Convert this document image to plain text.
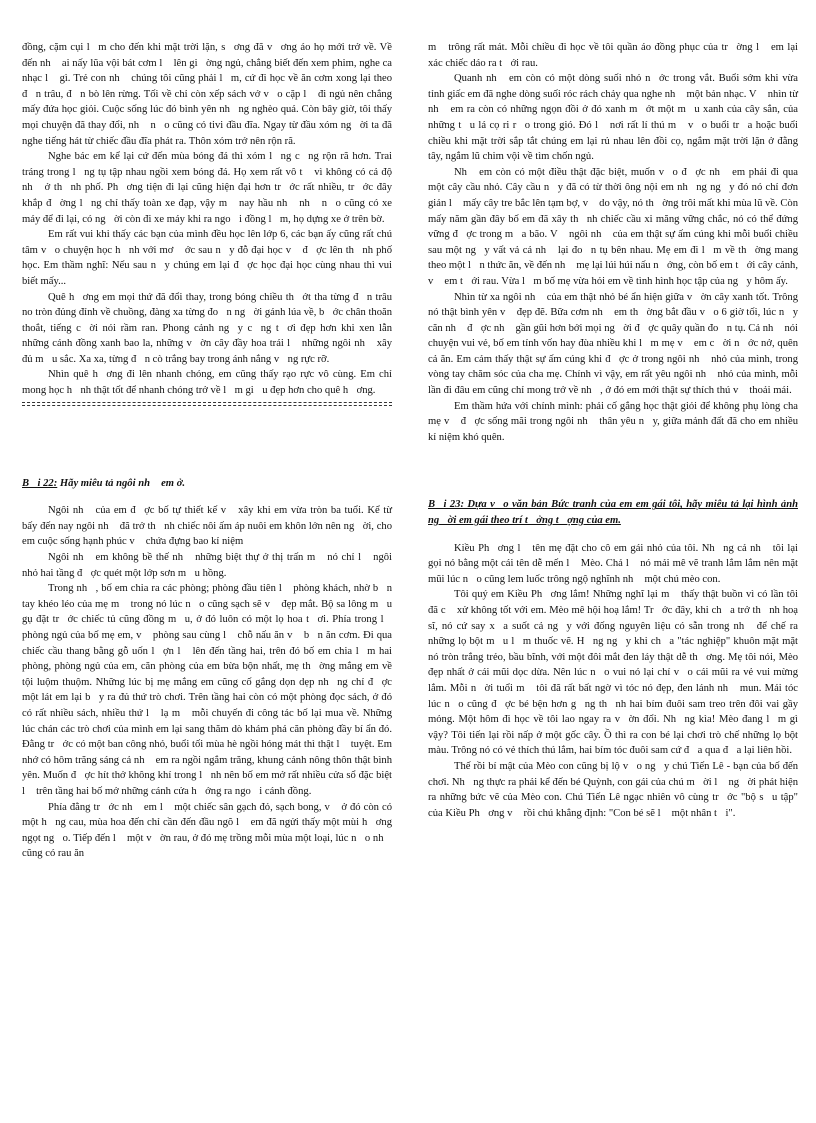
đồng, cặm cụi lm cho đến khi mặt trời lặn, sơng đã vơng áo họ mới trở về. Về đến nh ai nấy lũa vội bát cơm l lên giờng ngủ, chẳng biết đến xem phim, nghe ca nhạc l gì. Trẻ con nh chúng tôi cũng phải lm, cứ đi học về ăn cơm xong lại theo đn trâu, đn bò lên rừng. Tối về chỉ còn xếp sách vở vo cặp l đi ngủ nên chẳng mấy đứa học giỏi. Cuộc sống lúc đó bình yên nhng nghèo quá. Còn bây giờ, tôi thấy mọi chuyện đã thay đổi, nh no cũng có tivi đầu đĩa. Ngay từ đầu xóm ngời ta đã nghe tiếng hát từ chiếc đầu đĩa phát ra. Thôn xóm trở nên rộn rã.

Nghe bác em kể lại cứ đến mùa bóng đá thì xóm lng cng rộn rã hơn. Trai tráng trong lng tụ tập nhau ngồi xem bóng đá. Họ xem rất vô t vì không có cả độ nh ở thnh phố. Phơng tiện đi lại cũng hiện đại hơn trớc rất nhiều, trớc đây khắp đờng lng chỉ thấy toàn xe đạp, vậy m nay hầu nh nh no cũng có xe máy để đi lại, có ngời còn đi xe máy khi ra ngoi đồng lm, họ dựng xe ở trên bờ.

Em rất vui khi thấy các bạn của mình đều học lên lớp 6, các bạn ấy cũng rất chú tâm vo chuyện học hnh với mơ ớc sau ny đỗ đại học v đợc lên thnh phố học. Em thầm nghĩ: Nếu sau ny chúng em lại đợc học đại học cùng nhau thì vui biết mấy...

Quê hơng em mọi thứ đã đổi thay, trong bóng chiều thớt tha từng đn trâu no tròn đủng đỉnh về chuồng, đàng xa từng đon ngời gánh lúa về, bớc chân thoăn thoắt, tiếng cời nói rầm ran. Phong cảnh ngy cng tơi đẹp hơn khi xen lẫn những cánh đồng xanh bao la, những vờn cây đầy hoa trái l những ngôi nh xây đủ mu sắc. Xa xa, từng đn cò trắng bay trong ánh nắng vng rực rỡ.

Nhìn quê hơng đi lên nhanh chóng, em cũng thấy rạo rực vô cùng. Em chỉ mong học hnh thật tốt để nhanh chóng trở về lm giu đẹp hơn cho quê hơng.

Bi 22: Hãy miêu tả ngôi nh em ở.

Ngôi nh của em đợc bố tự thiết kế v xây khi em vừa tròn ba tuổi. Kể từ bấy đến nay ngôi nh đã trở thnh chiếc nôi ấm áp nuôi em khôn lớn nên ngời, cho em cuộc sống hạnh phúc v chứa đựng bao kỉ niệm

Ngôi nh em không bề thế nh những biệt thự ở thị trấn m nó chỉ l ngôi nhỏ hai tầng đợc quét một lớp sơn mu hồng.

Trong nh, bố em chia ra các phòng; phòng đầu tiên l phòng khách, nhờ bn tay khéo léo của mẹ m trong nó lúc no cũng sạch sẽ v đẹp mắt. Bộ sa lông mu gụ đặt trớc chiếc tủ cũng đồng mu, ở đó luôn có một lọ hoa tơi. Phía trong l phòng ngủ của bố mẹ em, v phòng sau cùng l chỗ nấu ăn v bn ăn cơm. Đi qua chiếc cầu thang bằng gỗ uốn lợn l lên đến tầng hai, trên đó bố em chia lm hai phòng, phòng ngủ của em, căn phòng của em bừa bộn nhất, mẹ thờng mắng em về tội luộm thuộm. Những lúc bị mẹ mắng em cũng cố gắng dọn dẹp nhng chỉ đợc một lát em lại by ra đủ thứ trò chơi. Trên tầng hai còn có một phòng đọc sách, ở đó có rất nhiều sách, nhiều thứ l lạ m mỗi chuyến đi công tác bố lại mua về. Những lúc chán các trò chơi của mình em lại sang thăm dò khám phá căn phòng đầy bí ẩn đó. Đằng trớc có một ban công nhỏ, buổi tối mùa hè ngồi hóng mát thì thật l tuyệt. Em nhớ có hôm trăng sáng cả nh em ra ngồi ngắm trăng, khung cảnh nông thôn thật bình yên. Muốn đợc hít thở không khí trong lnh nên bố em mở rất nhiều cửa sổ đặc biệt l trên tầng hai bố mở những cánh cửa hớng ra ngoi cánh đồng.

Phía đằng trớc nh em l một chiếc sân gạch đỏ, sạch bong, v ở đó còn có một hng cau, mùa hoa đến chỉ cần đến đầu ngõ l em đã ngửi thấy một mùi hơng ngọt ngo. Tiếp đến l một vờn rau, ở đó mẹ trồng mỗi mùa một loại, lúc no nh cũng có rau ăn

m trông rất mát. Mỗi chiều đi học về tôi quần áo đồng phục của trờng l em lại xác chiếc dáo ra tới rau.

Quanh nh em còn có một dòng suối nhỏ nớc trong vắt. Buổi sớm khi vừa tỉnh giấc em đã nghe dòng suối róc rách chảy qua nghe nh một bản nhạc. V nhìn từ nh em ra còn có những ngọn đồi ở đó xanh mớt một mu xanh của cây sắn, của những tu lá cọ ri ro trong gió. Đó l nơi rất lí thú m vo buổi tra hoặc buổi chiều khi mặt trời sắp tắt chúng em lại rủ nhau lên đồi cọ, ngắm mặt trời lặn ở đằng tây, ngắm lũ chim vội về tìm chốn ngủ.

Nh em còn có một điều thật đặc biệt, muốn vo đợc nh em phải đi qua một cây cầu nhỏ. Cây cầu ny đã có từ thời ông nội em nhng ngy đó nó chỉ đơn giản l mấy cây tre bắc lên tạm bợ, v do vậy, nó thờng trôi mất khi mùa lũ về. Còn mấy năm gần đây bố em đã xây thnh chiếc cầu xi măng vững chắc, nó có thể đứng vững đợc trong ma bão. V ngôi nh của em thật sự ấm cúng khi mỗi buổi chiều sau một ngy vất vả cả nh lại đon tụ bên nhau. Mẹ em đi lm về thờng mang theo một ln thức ăn, về đến nh mẹ lại lúi húi nấu nớng, còn bố em tới cây cảnh, v em tới rau. Vừa lm bố mẹ vừa hỏi em về tình hình học tập của ngy hôm ấy.

Nhìn từ xa ngôi nh của em thật nhỏ bé ẩn hiện giữa vờn cây xanh tốt. Trông nó thật bình yên v đẹp đẽ. Bữa cơm nh em thờng bắt đầu vo 6 giờ tối, lúc ny căn nh đợc nh gần gũi hơn bởi mọi ngời đợc quây quần đon tụ. Cả nh nói chuyện vui vẻ, bố em tính vốn hay đùa nhiều khi lm mẹ v em cời nớc nở, quên cả ăn. Em cảm thấy thật sự ấm cúng khi đợc ở trong ngôi nh nhỏ của mình, trong vòng tay chăm sóc của cha mẹ. Chính vì vậy, em rất yêu ngôi nh nhỏ của mình, mỗi lần đi đâu em cũng chỉ mong trở về nh, ở đó em mới thật sự thích thú v thoải mái.

Em thầm hứa với chính mình: phải cố gắng học thật giỏi để không phụ lòng cha mẹ v đợc sống mãi trong ngôi nh thân yêu ny, giữa mảnh đất đã cho em nhiều kỉ niệm khó quên.

Bi 23: Dựa vo văn bản Bức tranh của em em gái tôi, hãy miêu tả lại hình ảnh ngời em gái theo trí tởng tợng của em.

Kiều Phơng l tên mẹ đặt cho cô em gái nhỏ của tôi. Nhng cả nh tôi lại gọi nó bằng một cái tên dễ mến l Mèo. Chả l nó mải mê vẽ tranh lắm lắm nên mặt mũi lúc no cũng lem luốc trông ngộ nghĩnh nh một chú mèo con.

Tôi quý em Kiều Phơng lắm! Những nghĩ lại m thấy thật buồn vì có lần tôi đã c xử không tốt với em. Mèo mê hội hoạ lắm! Trớc đây, khi cha trở thnh hoạ sĩ, nó cứ say xa suốt cả ngy với đống nguyên liệu có sẵn trong nh để chế ra những lọ bột mu lm thuốc vẽ. Hng ngy khi cha "tác nghiệp" khuôn mặt mặt nó tròn trắng trẻo, bầu bĩnh, với một đôi mắt đen láy thật dễ thơng. Mẹ tôi nói, Mèo đẹp nhất ở cái mũi dọc dừa. Nên lúc no vui nó lại chí vo cái mũi ra vẻ vui mừng lắm. Mỗi nời tuổi m tôi đã rất bất ngờ vì tóc nó đẹp, đen lánh nh mun. Mái tóc lúc no cũng đợc bé bện hơn gng thnh hai bím đuôi sam treo trên đôi vai gầy mỏng. Một hôm đi học về tôi lao ngay ra vờn đổi. Nhng kìa! Mèo đang lm gì vậy? Tôi tiến lại rồi nấp ở một gốc cây. Ồ thì ra con bé lại chơi trò chế những lọ bột màu. Trông nó có vẻ thích thú lắm, hai bím tóc đuôi sam cứ đa qua đa lại liên hồi.

Thế rồi bí mật của Mèo con cũng bị lộ vo ngy chú Tiến Lê - bạn của bố đến chơi. Nhng thực ra phải kể đến bé Quỳnh, con gái của chú mời l ngời phát hiện ra những bức vẽ của Mèo con. Chú Tiến Lê ngạc nhiên vô cùng trớc "bộ su tập" của Kiều Phơng v rồi chú khẳng định: "Con bé sẽ l một nhân ti".
